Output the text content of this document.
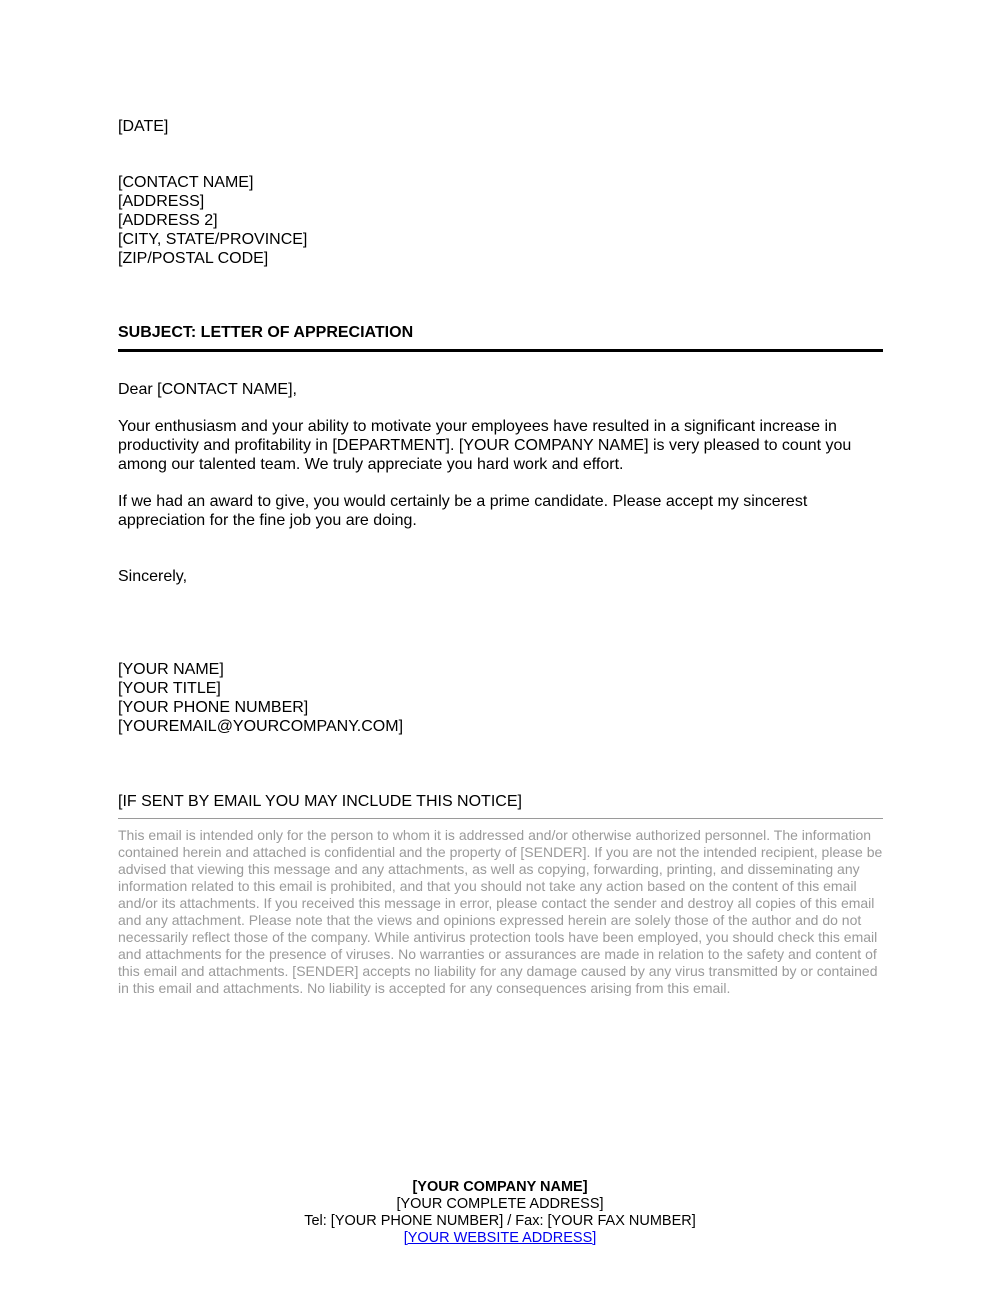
[DATE]

[CONTACT NAME]

[ADDRESS]

[ADDRESS 2]

[CITY, STATE/PROVINCE]

[ZIP/POSTAL CODE]

SUBJECT: LETTER OF APPRECIATION

Dear [CONTACT NAME],

Your enthusiasm and your ability to motivate your employees have resulted in a significant increase in productivity and profitability in [DEPARTMENT]. [YOUR COMPANY NAME] is very pleased to count you among our talented team. We truly appreciate you hard work and effort.

If we had an award to give, you would certainly be a prime candidate. Please accept my sincerest appreciation for the fine job you are doing.

Sincerely,

[YOUR NAME]

[YOUR TITLE]

[YOUR PHONE NUMBER]

[YOUREMAIL@YOURCOMPANY.COM]

[IF SENT BY EMAIL YOU MAY INCLUDE THIS NOTICE]

This email is intended only for the person to whom it is addressed and/or otherwise authorized personnel. The information contained herein and attached is confidential and the property of [SENDER]. If you are not the intended recipient, please be advised that viewing this message and any attachments, as well as copying, forwarding, printing, and disseminating any information related to this email is prohibited, and that you should not take any action based on the content of this email and/or its attachments. If you received this message in error, please contact the sender and destroy all copies of this email and any attachment. Please note that the views and opinions expressed herein are solely those of the author and do not necessarily reflect those of the company. While antivirus protection tools have been employed, you should check this email and attachments for the presence of viruses. No warranties or assurances are made in relation to the safety and content of this email and attachments. [SENDER] accepts no liability for any damage caused by any virus transmitted by or contained in this email and attachments. No liability is accepted for any consequences arising from this email.

[YOUR COMPANY NAME]

[YOUR COMPLETE ADDRESS]

Tel: [YOUR PHONE NUMBER] / Fax: [YOUR FAX NUMBER]

[YOUR WEBSITE ADDRESS]
